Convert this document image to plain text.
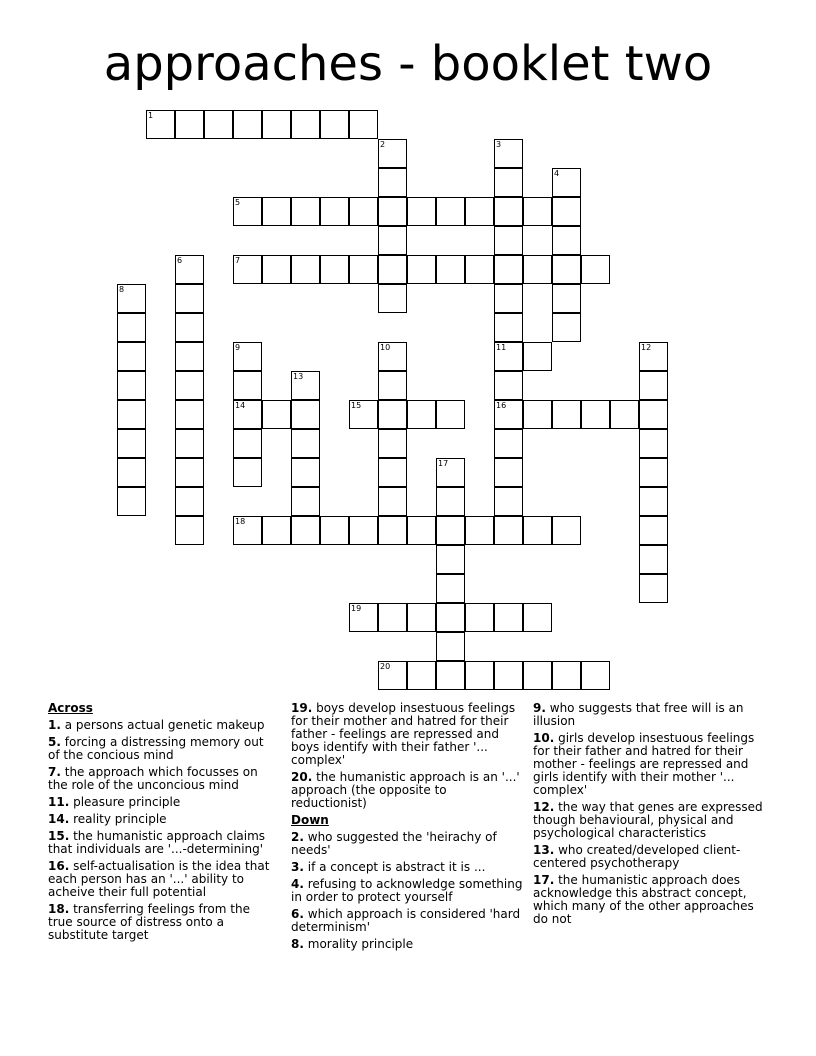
approaches - booklet two
1
5
7
11
14	15	16
18
19
20
2	3
4
6
8
9	10	12
13
17

Across

1. a persons actual genetic makeup

5. forcing a distressing memory out of the concious mind

7. the approach which focusses on the role of the unconcious mind

11. pleasure principle

14. reality principle

15. the humanistic approach claims that individuals are '...-determining'

16. self-actualisation is the idea that each person has an '...' ability to acheive their full potential

18. transferring feelings from the true source of distress onto a substitute target

19. boys develop insestuous feelings for their mother and hatred for their father - feelings are repressed and boys identify with their father '... complex'

20. the humanistic approach is an '...' approach (the opposite to reductionist)

Down

2. who suggested the 'heirachy of needs'

3. if a concept is abstract it is ...

4. refusing to acknowledge something in order to protect yourself

6. which approach is considered 'hard determinism'

8. morality principle

9. who suggests that free will is an illusion

10. girls develop insestuous feelings for their father and hatred for their mother - feelings are repressed and girls identify with their mother '... complex'

12. the way that genes are expressed though behavioural, physical and psychological characteristics

13. who created/developed client-centered psychotherapy

17. the humanistic approach does acknowledge this abstract concept, which many of the other approaches do not
